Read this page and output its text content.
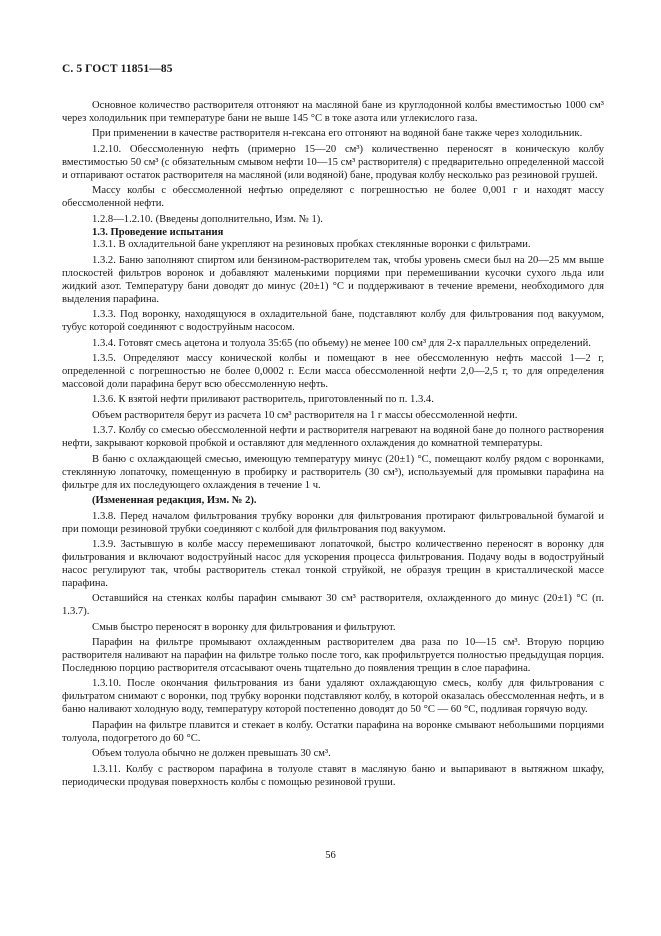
С. 5 ГОСТ 11851—85

Основное количество растворителя отгоняют на масляной бане из круглодонной колбы вместимостью 1000 см³ через холодильник при температуре бани не выше 145 °С в токе азота или углекислого газа.

При применении в качестве растворителя н-гексана его отгоняют на водяной бане также через холодильник.

1.2.10. Обессмоленную нефть (примерно 15—20 см³) количественно переносят в коническую колбу вместимостью 50 см³ (с обязательным смывом нефти 10—15 см³ растворителя) с предварительно определенной массой и отпаривают остаток растворителя на масляной (или водяной) бане, продувая колбу несколько раз резиновой грушей.

Массу колбы с обессмоленной нефтью определяют с погрешностью не более 0,001 г и находят массу обессмоленной нефти.

1.2.8—1.2.10. (Введены дополнительно, Изм. № 1).

1.3. Проведение испытания

1.3.1. В охладительной бане укрепляют на резиновых пробках стеклянные воронки с фильтрами.

1.3.2. Баню заполняют спиртом или бензином-растворителем так, чтобы уровень смеси был на 20—25 мм выше плоскостей фильтров воронок и добавляют маленькими порциями при перемешивании кусочки сухого льда или жидкий азот. Температуру бани доводят до минус (20±1) °С и поддерживают в течение времени, необходимого для выделения парафина.

1.3.3. Под воронку, находящуюся в охладительной бане, подставляют колбу для фильтрования под вакуумом, тубус которой соединяют с водоструйным насосом.

1.3.4. Готовят смесь ацетона и толуола 35:65 (по объему) не менее 100 см³ для 2-х параллельных определений.

1.3.5. Определяют массу конической колбы и помещают в нее обессмоленную нефть массой 1—2 г, определенной с погрешностью не более 0,0002 г. Если масса обессмоленной нефти 2,0—2,5 г, то для определения массовой доли парафина берут всю обессмоленную нефть.

1.3.6. К взятой нефти приливают растворитель, приготовленный по п. 1.3.4.

Объем растворителя берут из расчета 10 см³ растворителя на 1 г массы обессмоленной нефти.

1.3.7. Колбу со смесью обессмоленной нефти и растворителя нагревают на водяной бане до полного растворения нефти, закрывают корковой пробкой и оставляют для медленного охлаждения до комнатной температуры.

В баню с охлаждающей смесью, имеющую температуру минус (20±1) °С, помещают колбу рядом с воронками, стеклянную лопаточку, помещенную в пробирку и растворитель (30 см³), используемый для промывки парафина на фильтре для их последующего охлаждения в течение 1 ч.

(Измененная редакция, Изм. № 2).

1.3.8. Перед началом фильтрования трубку воронки для фильтрования протирают фильтровальной бумагой и при помощи резиновой трубки соединяют с колбой для фильтрования под вакуумом.

1.3.9. Застывшую в колбе массу перемешивают лопаточкой, быстро количественно переносят в воронку для фильтрования и включают водоструйный насос для ускорения процесса фильтрования. Подачу воды в водоструйный насос регулируют так, чтобы растворитель стекал тонкой струйкой, не образуя трещин в кристаллической массе парафина.

Оставшийся на стенках колбы парафин смывают 30 см³ растворителя, охлажденного до минус (20±1) °С (п. 1.3.7).

Смыв быстро переносят в воронку для фильтрования и фильтруют.

Парафин на фильтре промывают охлажденным растворителем два раза по 10—15 см³. Вторую порцию растворителя наливают на парафин на фильтре только после того, как профильтруется полностью предыдущая порция. Последнюю порцию растворителя отсасывают очень тщательно до появления трещин в слое парафина.

1.3.10. После окончания фильтрования из бани удаляют охлаждающую смесь, колбу для фильтрования с фильтратом снимают с воронки, под трубку воронки подставляют колбу, в которой оказалась обессмоленная нефть, и в баню наливают холодную воду, температуру которой постепенно доводят до 50 °С — 60 °С, подливая горячую воду.

Парафин на фильтре плавится и стекает в колбу. Остатки парафина на воронке смывают небольшими порциями толуола, подогретого до 60 °С.

Объем толуола обычно не должен превышать 30 см³.

1.3.11. Колбу с раствором парафина в толуоле ставят в масляную баню и выпаривают в вытяжном шкафу, периодически продувая поверхность колбы с помощью резиновой груши.

56
